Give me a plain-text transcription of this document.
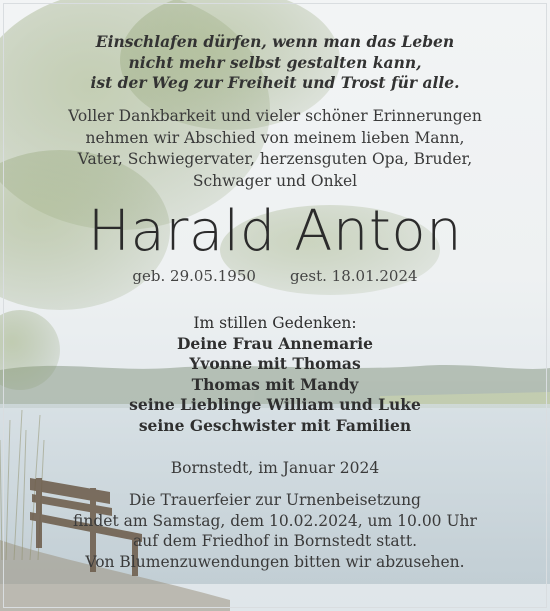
Einschlafen dürfen, wenn man das Leben
nicht mehr selbst gestalten kann,
ist der Weg zur Freiheit und Trost für alle.
Voller Dankbarkeit und vieler schöner Erinnerungen
nehmen wir Abschied von meinem lieben Mann,
Vater, Schwiegervater, herzensguten Opa, Bruder,
Schwager und Onkel
Harald Anton
geb. 29.05.1950 gest. 18.01.2024
Im stillen Gedenken:
Deine Frau Annemarie
Yvonne mit Thomas
Thomas mit Mandy
seine Lieblinge William und Luke
seine Geschwister mit Familien
Bornstedt, im Januar 2024
Die Trauerfeier zur Urnenbeisetzung
findet am Samstag, dem 10.02.2024, um 10.00 Uhr
auf dem Friedhof in Bornstedt statt.
Von Blumenzuwendungen bitten wir abzusehen.
